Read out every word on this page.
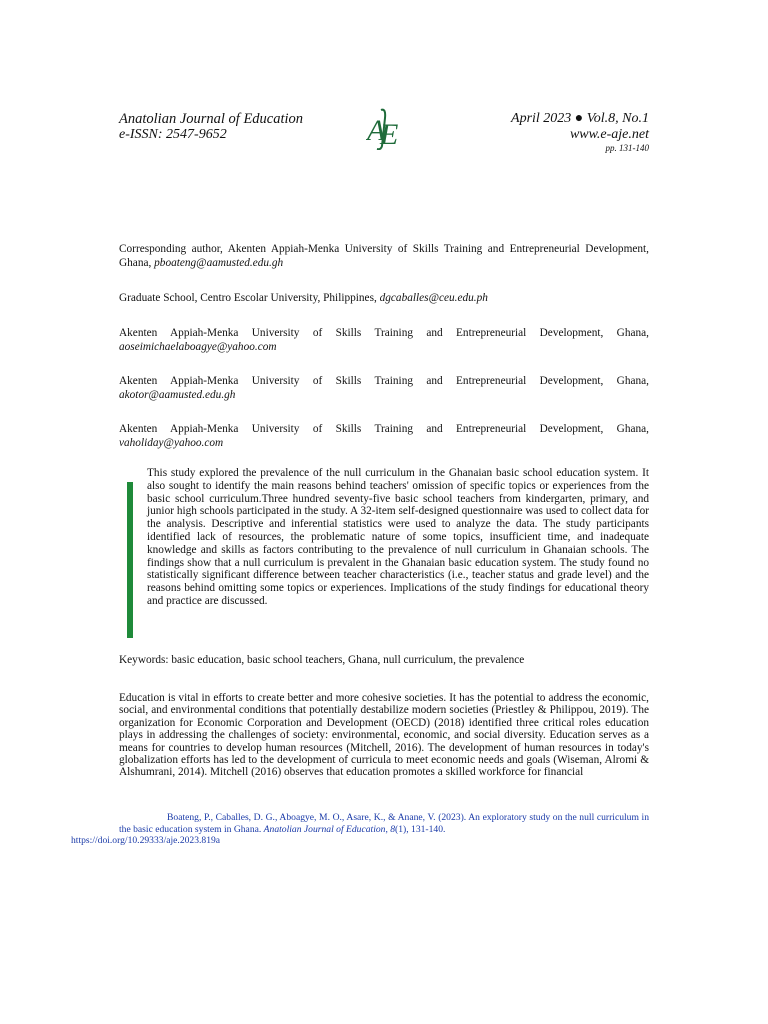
Anatolian Journal of Education
e-ISSN: 2547-9652	A
E	April 2023 ● Vol.8, No.1
www.e-aje.net
pp. 131-140
Corresponding author, Akenten Appiah-Menka University of Skills Training and Entrepreneurial Development, Ghana, pboateng@aamusted.edu.gh
Graduate School, Centro Escolar University, Philippines, dgcaballes@ceu.edu.ph
Akenten Appiah-Menka University of Skills Training and Entrepreneurial Development, Ghana, aoseimichaelaboagye@yahoo.com
Akenten Appiah-Menka University of Skills Training and Entrepreneurial Development, Ghana, akotor@aamusted.edu.gh
Akenten Appiah-Menka University of Skills Training and Entrepreneurial Development, Ghana, vaholiday@yahoo.com
This study explored the prevalence of the null curriculum in the Ghanaian basic school education system. It also sought to identify the main reasons behind teachers' omission of specific topics or experiences from the basic school curriculum.Three hundred seventy-five basic school teachers from kindergarten, primary, and junior high schools participated in the study. A 32-item self-designed questionnaire was used to collect data for the analysis. Descriptive and inferential statistics were used to analyze the data. The study participants identified lack of resources, the problematic nature of some topics, insufficient time, and inadequate knowledge and skills as factors contributing to the prevalence of null curriculum in Ghanaian schools. The findings show that a null curriculum is prevalent in the Ghanaian basic education system. The study found no statistically significant difference between teacher characteristics (i.e., teacher status and grade level) and the reasons behind omitting some topics or experiences. Implications of the study findings for educational theory and practice are discussed.
Keywords: basic education, basic school teachers, Ghana, null curriculum, the prevalence
Education is vital in efforts to create better and more cohesive societies. It has the potential to address the economic, social, and environmental conditions that potentially destabilize modern societies (Priestley & Philippou, 2019). The organization for Economic Corporation and Development (OECD) (2018) identified three critical roles education plays in addressing the challenges of society: environmental, economic, and social diversity. Education serves as a means for countries to develop human resources (Mitchell, 2016). The development of human resources in today's globalization efforts has led to the development of curricula to meet economic needs and goals (Wiseman, Alromi & Alshumrani, 2014). Mitchell (2016) observes that education promotes a skilled workforce for financial
Boateng, P., Caballes, D. G., Aboagye, M. O., Asare, K., & Anane, V. (2023). An exploratory study on the null curriculum in the basic education system in Ghana. Anatolian Journal of Education, 8(1), 131-140.
https://doi.org/10.29333/aje.2023.819a
